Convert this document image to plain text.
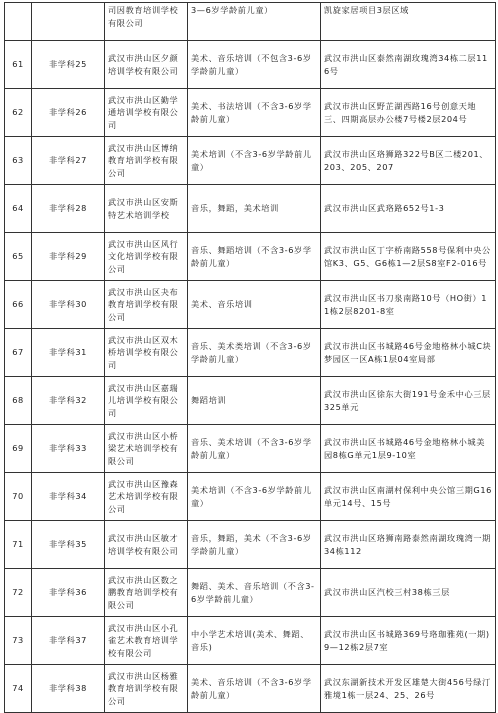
		司因教育培训学校有限公司	3—6岁学龄前儿童）	凯旋家居项目3层区域
61	非学科25	武汉市洪山区夕颜培训学校有限公司	美术、音乐培训（不包含3-6岁学龄前儿童）	武汉市洪山区泰然南湖玫瑰湾34栋二层116号
62	非学科26	武汉市洪山区勤学通培训学校有限公司	美术、书法培训（不含3-6岁学龄前儿童）	武汉市洪山区野芷湖西路16号创意天地三、四期高层办公楼7号楼2层204号
63	非学科27	武汉市洪山区博纳教育培训学校有限公司	美术培训（不含3-6岁学龄前儿童）	武汉市洪山区珞狮路322号B区二楼201、203、205、207
64	非学科28	武汉市洪山区安斯特艺术培训学校	音乐，舞蹈，美术培训	武汉市洪山区武珞路652号1-3
65	非学科29	武汉市洪山区风行文化培训学校有限公司	音乐、舞蹈培训（不含3-6岁学龄前儿童）	武汉市洪山区丁字桥南路558号保利中央公馆K3、G5、G6栋1—2层S8室F2-016号
66	非学科30	武汉市洪山区夬布教育培训学校有限公司	美术、音乐培训	武汉市洪山区书刀泉南路10号（HO街）11栋2层8201-8室
67	非学科31	武汉市洪山区双木桥培训学校有限公司	音乐、美术类培训（不含3-6岁学龄前儿童）	武汉市洪山区书城路46号金地格林小城C块梦园区一区A栋1层04室局部
68	非学科32	武汉市洪山区嘉瑞儿培训学校有限公司	舞蹈培训	武汉市洪山区徐东大街191号金禾中心三层325单元
69	非学科33	武汉市洪山区小桥梁艺术培训学校有限公司	音乐、美术培训（不含3-6岁学龄前儿童）	武汉市洪山区书城路46号金地格林小城美园8栋G单元1层9-10室
70	非学科34	武汉市洪山区豫森艺术培训学校有限公司	美术培训（不含3-6岁学龄前儿童）	武汉市洪山区南湖村保利中央公馆三期G16单元14号、15号
71	非学科35	武汉市洪山区敏才培训学校有限公司	音乐，舞蹈，美术（不含3-6岁学龄前儿童）	武汉市洪山区珞狮南路泰然南湖玫瑰湾一期34栋112
72	非学科36	武汉市洪山区数之鹏教育培训学校有限公司	舞蹈、美术、音乐培训（不含3-6岁学龄前儿童）	武汉市洪山区汽校三村38栋三层
73	非学科37	武汉市洪山区小孔雀艺术教育培训学校有限公司	中小学艺术培训(美术、舞蹈、音乐)	武汉市洪山区书城路369号珞珈雅苑(一期)9—12栋2层7室
74	非学科38	武汉市洪山区杨雅教育培训学校有限公司	美术、音乐培训（不含3-6岁学龄前儿童）	武汉东湖新技术开发区雄楚大街456号绿汀雅境1栋一层24、25、26号
